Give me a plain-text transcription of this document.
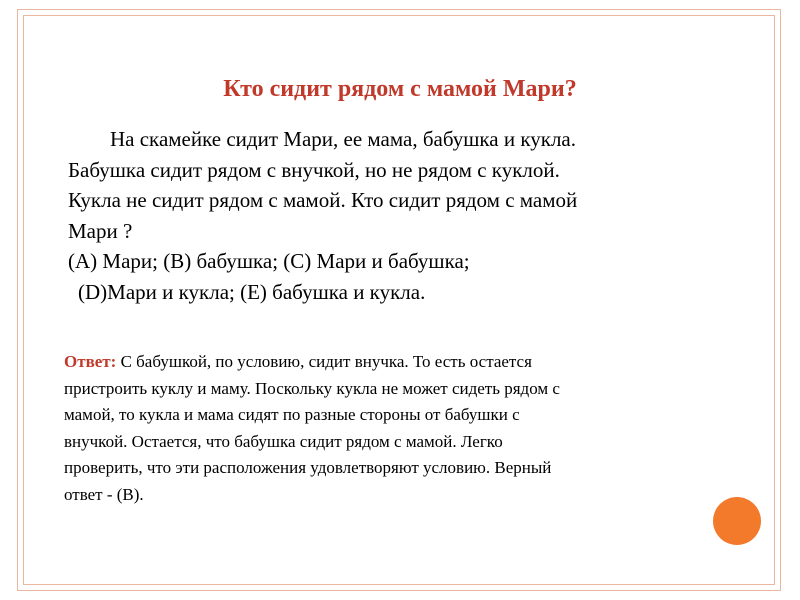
Кто сидит рядом с мамой Мари?
На скамейке сидит Мари, ее мама, бабушка и кукла.
Бабушка сидит рядом с внучкой, но не рядом с куклой.
Кукла не сидит рядом с мамой. Кто сидит рядом с мамой
Мари ?
(A) Мари; (B) бабушка; (C) Мари и бабушка;
(D)Мари и кукла; (E) бабушка и кукла.
Ответ: С бабушкой, по условию, сидит внучка. То есть остается
пристроить куклу и маму. Поскольку кукла не может сидеть рядом с
мамой, то кукла и мама сидят по разные стороны от бабушки с
внучкой. Остается, что бабушка сидит рядом с мамой. Легко
проверить, что эти расположения удовлетворяют условию. Верный
ответ - (B).
